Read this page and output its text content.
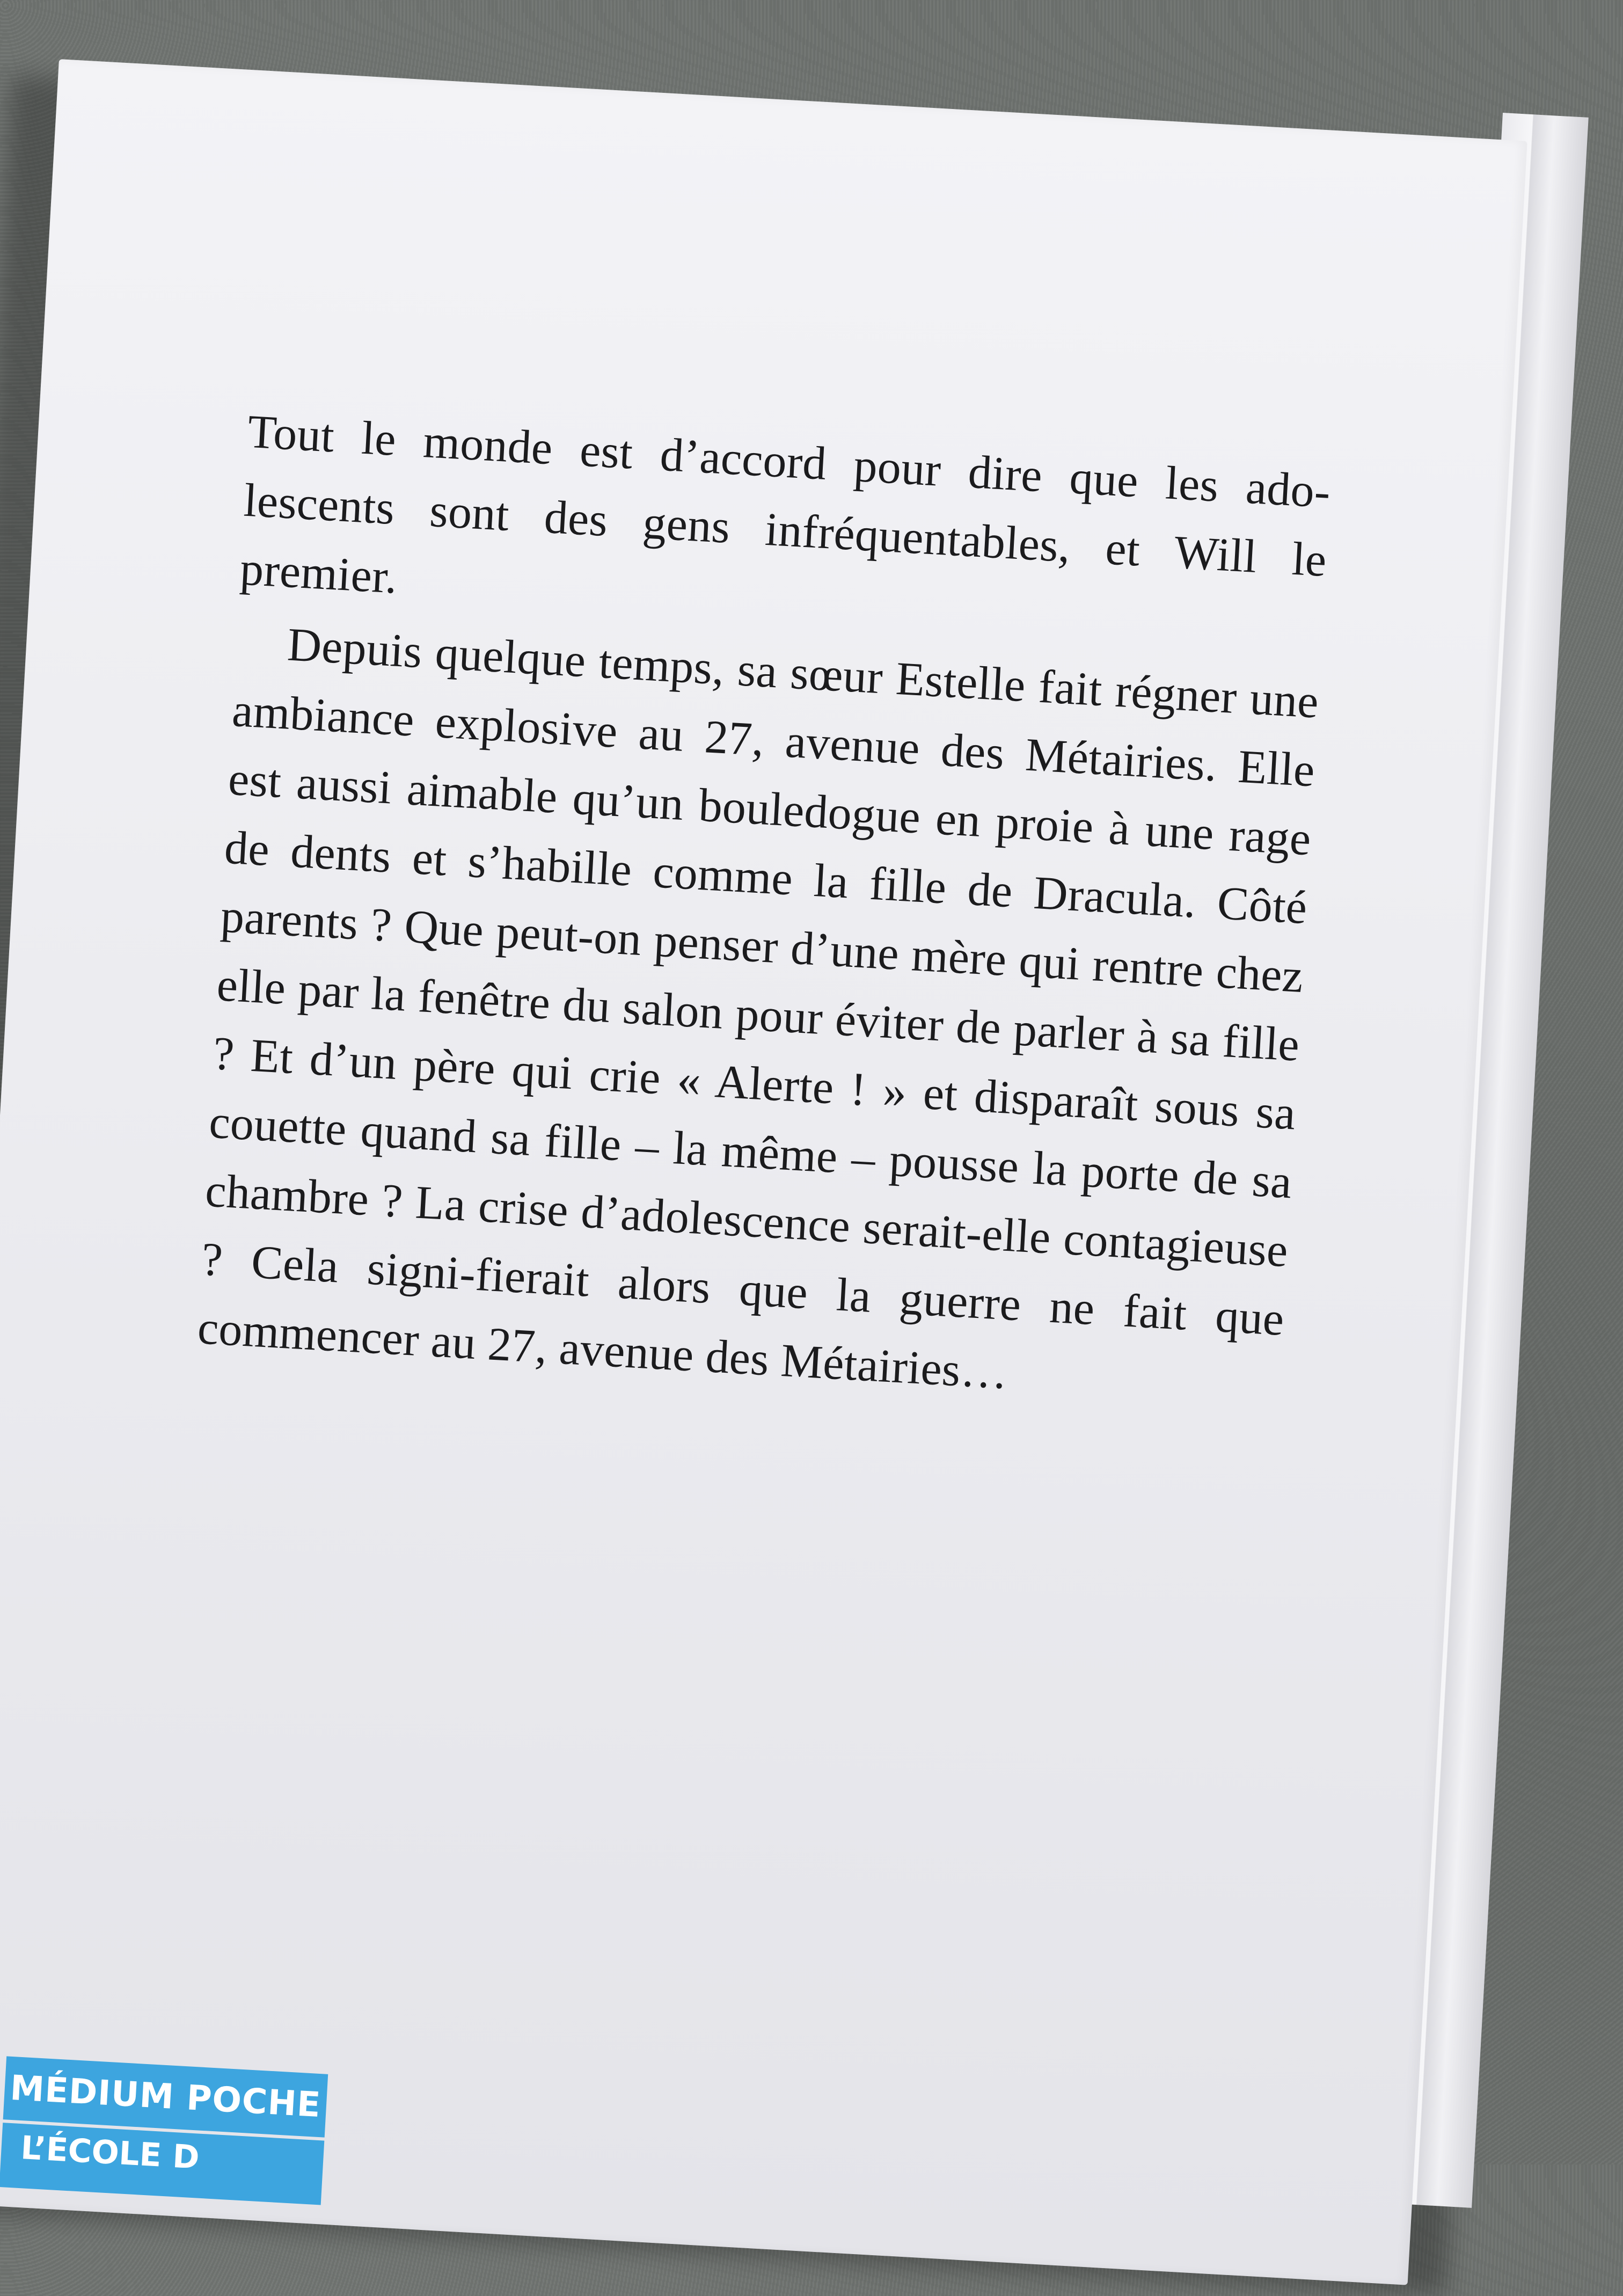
Tout le monde est d’accord pour dire que les ado-lescents sont des gens infréquentables, et Will le premier.

Depuis quelque temps, sa sœur Estelle fait régner une ambiance explosive au 27, avenue des Métairies. Elle est aussi aimable qu’un bouledogue en proie à une rage de dents et s’habille comme la fille de Dracula. Côté parents ? Que peut-on penser d’une mère qui rentre chez elle par la fenêtre du salon pour éviter de parler à sa fille ? Et d’un père qui crie « Alerte ! » et disparaît sous sa couette quand sa fille – la même – pousse la porte de sa chambre ? La crise d’adolescence serait-elle contagieuse ? Cela signi-fierait alors que la guerre ne fait que commencer au 27, avenue des Métairies…

MÉDIUM POCHE
L’ÉCOLE D
